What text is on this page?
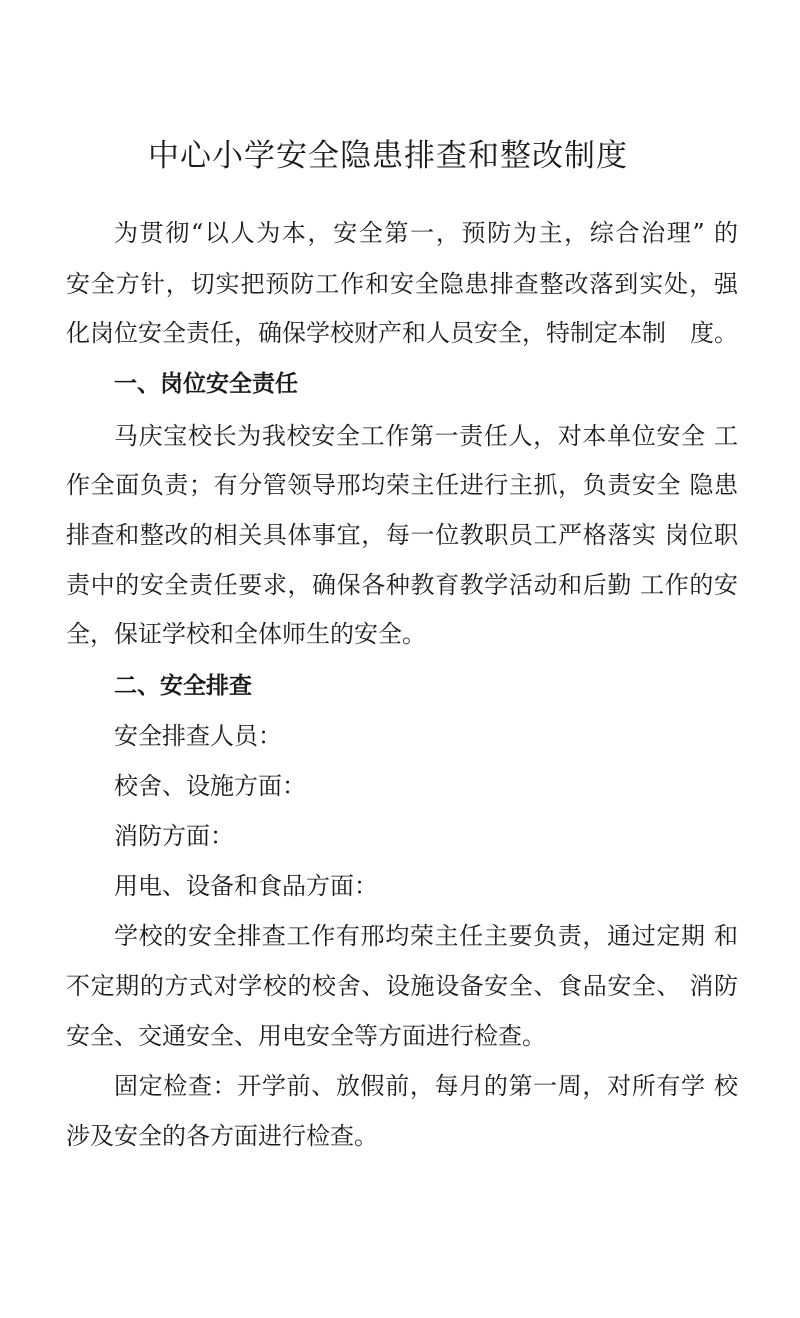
中心小学安全隐患排查和整改制度

为贯彻“以人为本，安全第一，预防为主，综合治理” 的

安全方针，切实把预防工作和安全隐患排查整改落到实处，强

化岗位安全责任，确保学校财产和人员安全，特制定本制　度。

一、岗位安全责任

马庆宝校长为我校安全工作第一责任人，对本单位安全 工

作全面负责；有分管领导邢均荣主任进行主抓，负责安全 隐患

排查和整改的相关具体事宜，每一位教职员工严格落实 岗位职

责中的安全责任要求，确保各种教育教学活动和后勤 工作的安

全，保证学校和全体师生的安全。

二、安全排查

安全排查人员：

校舍、设施方面：

消防方面：

用电、设备和食品方面：

学校的安全排查工作有邢均荣主任主要负责，通过定期 和

不定期的方式对学校的校舍、设施设备安全、食品安全、 消防

安全、交通安全、用电安全等方面进行检查。

固定检查：开学前、放假前，每月的第一周，对所有学 校

涉及安全的各方面进行检查。
